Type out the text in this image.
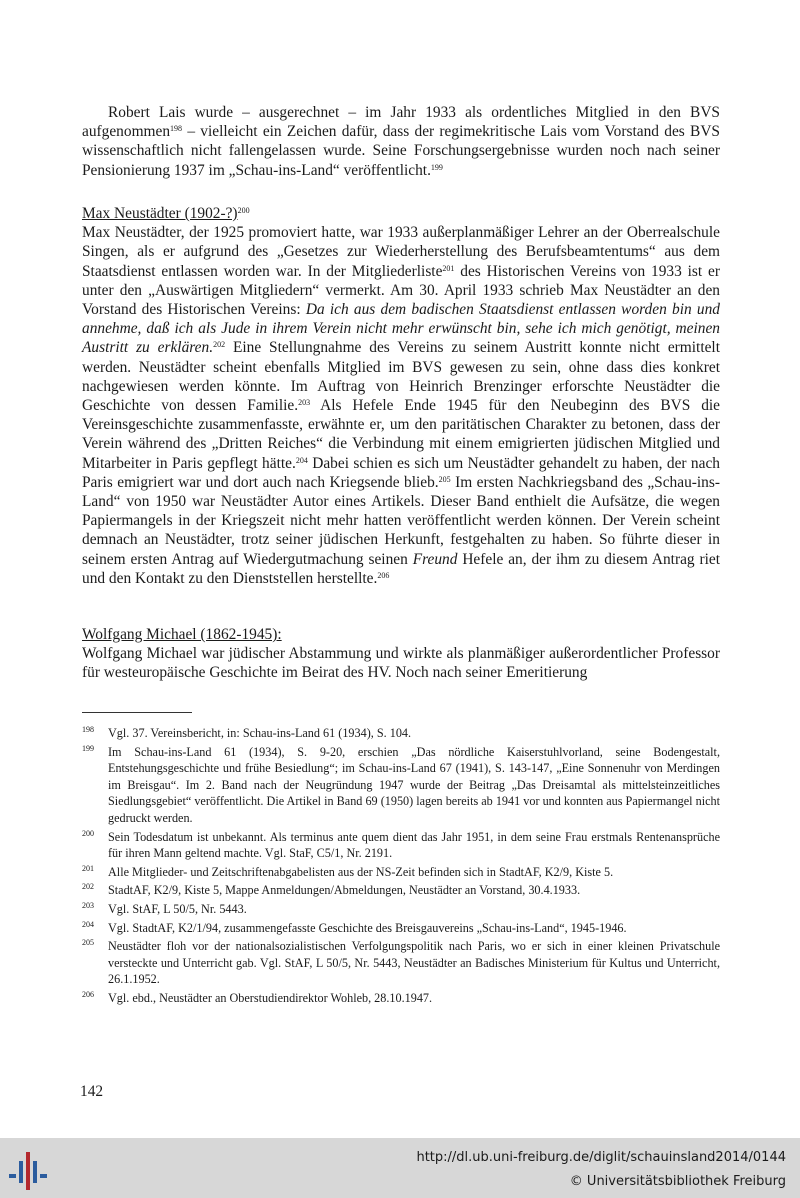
Robert Lais wurde – ausgerechnet – im Jahr 1933 als ordentliches Mitglied in den BVS aufgenommen$^{198}$ – vielleicht ein Zeichen dafür, dass der regimekritische Lais vom Vorstand des BVS wissenschaftlich nicht fallengelassen wurde. Seine Forschungsergebnisse wurden noch nach seiner Pensionierung 1937 im „Schau-ins-Land“ veröffentlicht.$^{199}$

Max Neustädter (1902-?)$^{200}$

Max Neustädter, der 1925 promoviert hatte, war 1933 außerplanmäßiger Lehrer an der Oberrealschule Singen, als er aufgrund des „Gesetzes zur Wiederherstellung des Berufsbeamtentums“ aus dem Staatsdienst entlassen worden war. In der Mitgliederliste$^{201}$ des Historischen Vereins von 1933 ist er unter den „Auswärtigen Mitgliedern“ vermerkt. Am 30. April 1933 schrieb Max Neustädter an den Vorstand des Historischen Vereins: Da ich aus dem badischen Staatsdienst entlassen worden bin und annehme, daß ich als Jude in ihrem Verein nicht mehr erwünscht bin, sehe ich mich genötigt, meinen Austritt zu erklären.$^{202}$ Eine Stellungnahme des Vereins zu seinem Austritt konnte nicht ermittelt werden. Neustädter scheint ebenfalls Mitglied im BVS gewesen zu sein, ohne dass dies konkret nachgewiesen werden könnte. Im Auftrag von Heinrich Brenzinger erforschte Neustädter die Geschichte von dessen Familie.$^{203}$ Als Hefele Ende 1945 für den Neubeginn des BVS die Vereinsgeschichte zusammenfasste, erwähnte er, um den paritätischen Charakter zu betonen, dass der Verein während des „Dritten Reiches“ die Verbindung mit einem emigrierten jüdischen Mitglied und Mitarbeiter in Paris gepflegt hätte.$^{204}$ Dabei schien es sich um Neustädter gehandelt zu haben, der nach Paris emigriert war und dort auch nach Kriegsende blieb.$^{205}$ Im ersten Nachkriegsband des „Schau-ins-Land“ von 1950 war Neustädter Autor eines Artikels. Dieser Band enthielt die Aufsätze, die wegen Papiermangels in der Kriegszeit nicht mehr hatten veröffentlicht werden können. Der Verein scheint demnach an Neustädter, trotz seiner jüdischen Herkunft, festgehalten zu haben. So führte dieser in seinem ersten Antrag auf Wiedergutmachung seinen Freund Hefele an, der ihm zu diesem Antrag riet und den Kontakt zu den Dienststellen herstellte.$^{206}$

Wolfgang Michael (1862-1945):

Wolfgang Michael war jüdischer Abstammung und wirkte als planmäßiger außerordentlicher Professor für westeuropäische Geschichte im Beirat des HV. Noch nach seiner Emeritierung

198	Vgl. 37. Vereinsbericht, in: Schau-ins-Land 61 (1934), S. 104.
199	Im Schau-ins-Land 61 (1934), S. 9-20, erschien „Das nördliche Kaiserstuhlvorland, seine Bodengestalt, Entstehungsgeschichte und frühe Besiedlung“; im Schau-ins-Land 67 (1941), S. 143-147, „Eine Sonnenuhr von Merdingen im Breisgau“. Im 2. Band nach der Neugründung 1947 wurde der Beitrag „Das Dreisamtal als mittelsteinzeitliches Siedlungsgebiet“ veröffentlicht. Die Artikel in Band 69 (1950) lagen bereits ab 1941 vor und konnten aus Papiermangel nicht gedruckt werden.
200	Sein Todesdatum ist unbekannt. Als terminus ante quem dient das Jahr 1951, in dem seine Frau erstmals Rentenansprüche für ihren Mann geltend machte. Vgl. StaF, C5/1, Nr. 2191.
201	Alle Mitglieder- und Zeitschriftenabgabelisten aus der NS-Zeit befinden sich in StadtAF, K2/9, Kiste 5.
202	StadtAF, K2/9, Kiste 5, Mappe Anmeldungen/Abmeldungen, Neustädter an Vorstand, 30.4.1933.
203	Vgl. StAF, L 50/5, Nr. 5443.
204	Vgl. StadtAF, K2/1/94, zusammengefasste Geschichte des Breisgauvereins „Schau-ins-Land“, 1945-1946.
205	Neustädter floh vor der nationalsozialistischen Verfolgungspolitik nach Paris, wo er sich in einer kleinen Privatschule versteckte und Unterricht gab. Vgl. StAF, L 50/5, Nr. 5443, Neustädter an Badisches Ministerium für Kultus und Unterricht, 26.1.1952.
206	Vgl. ebd., Neustädter an Oberstudiendirektor Wohleb, 28.10.1947.
142
http://dl.ub.uni-freiburg.de/diglit/schauinsland2014/0144
© Universitätsbibliothek Freiburg
